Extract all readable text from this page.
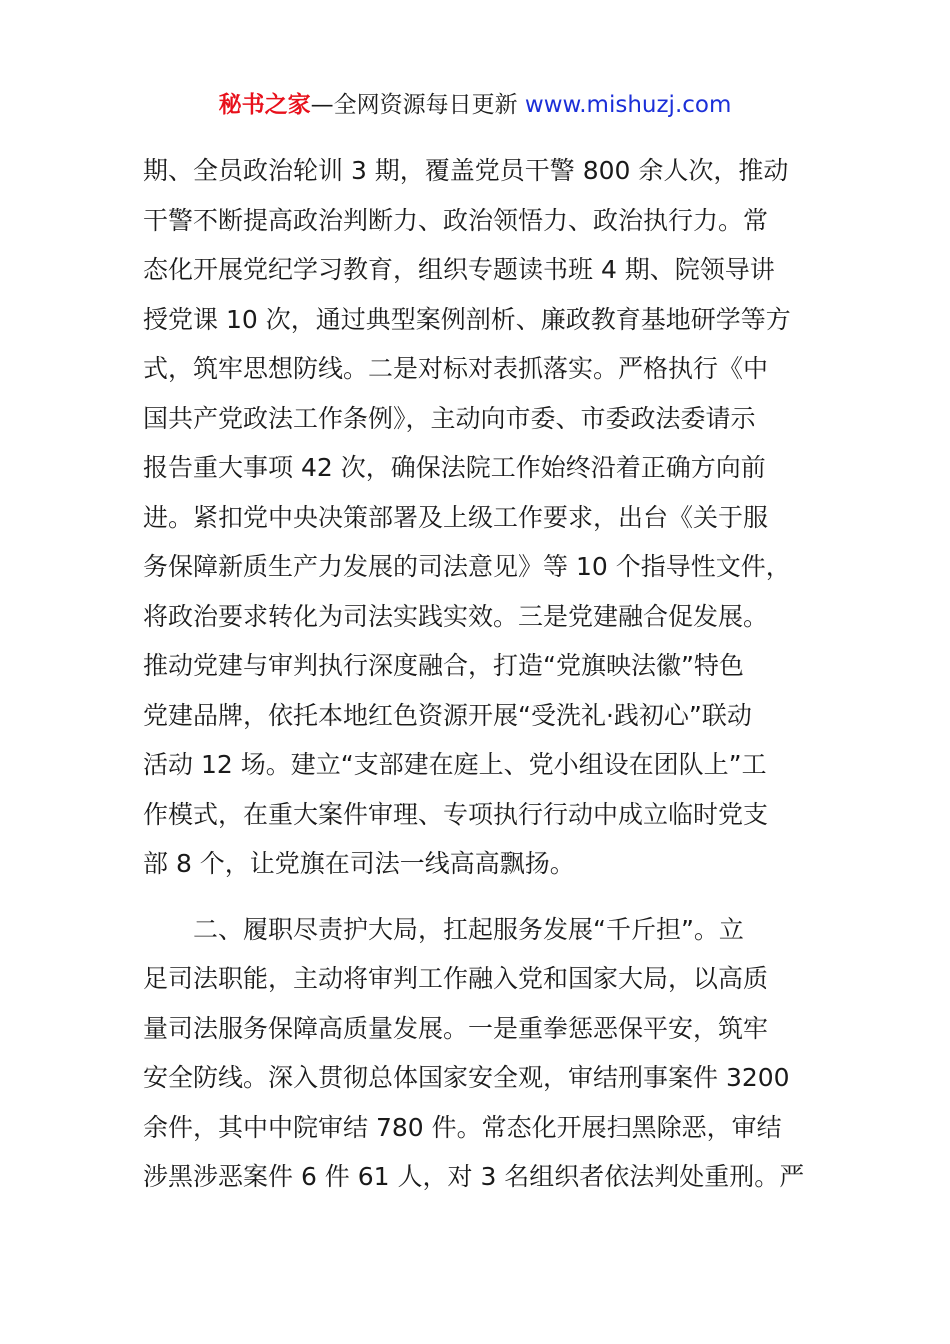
秘书之家—全网资源每日更新 www.mishuzj.com
期、全员政治轮训 3 期，覆盖党员干警 800 余人次，推动
干警不断提高政治判断力、政治领悟力、政治执行力。常
态化开展党纪学习教育，组织专题读书班 4 期、院领导讲
授党课 10 次，通过典型案例剖析、廉政教育基地研学等方
式，筑牢思想防线。二是对标对表抓落实。严格执行《中
国共产党政法工作条例》，主动向市委、市委政法委请示
报告重大事项 42 次，确保法院工作始终沿着正确方向前
进。紧扣党中央决策部署及上级工作要求，出台《关于服
务保障新质生产力发展的司法意见》等 10 个指导性文件，
将政治要求转化为司法实践实效。三是党建融合促发展。
推动党建与审判执行深度融合，打造“党旗映法徽”特色
党建品牌，依托本地红色资源开展“受洗礼·践初心”联动
活动 12 场。建立“支部建在庭上、党小组设在团队上”工
作模式，在重大案件审理、专项执行行动中成立临时党支
部 8 个，让党旗在司法一线高高飘扬。
二、履职尽责护大局，扛起服务发展“千斤担”。立
足司法职能，主动将审判工作融入党和国家大局，以高质
量司法服务保障高质量发展。一是重拳惩恶保平安，筑牢
安全防线。深入贯彻总体国家安全观，审结刑事案件 3200
余件，其中中院审结 780 件。常态化开展扫黑除恶，审结
涉黑涉恶案件 6 件 61 人，对 3 名组织者依法判处重刑。严
